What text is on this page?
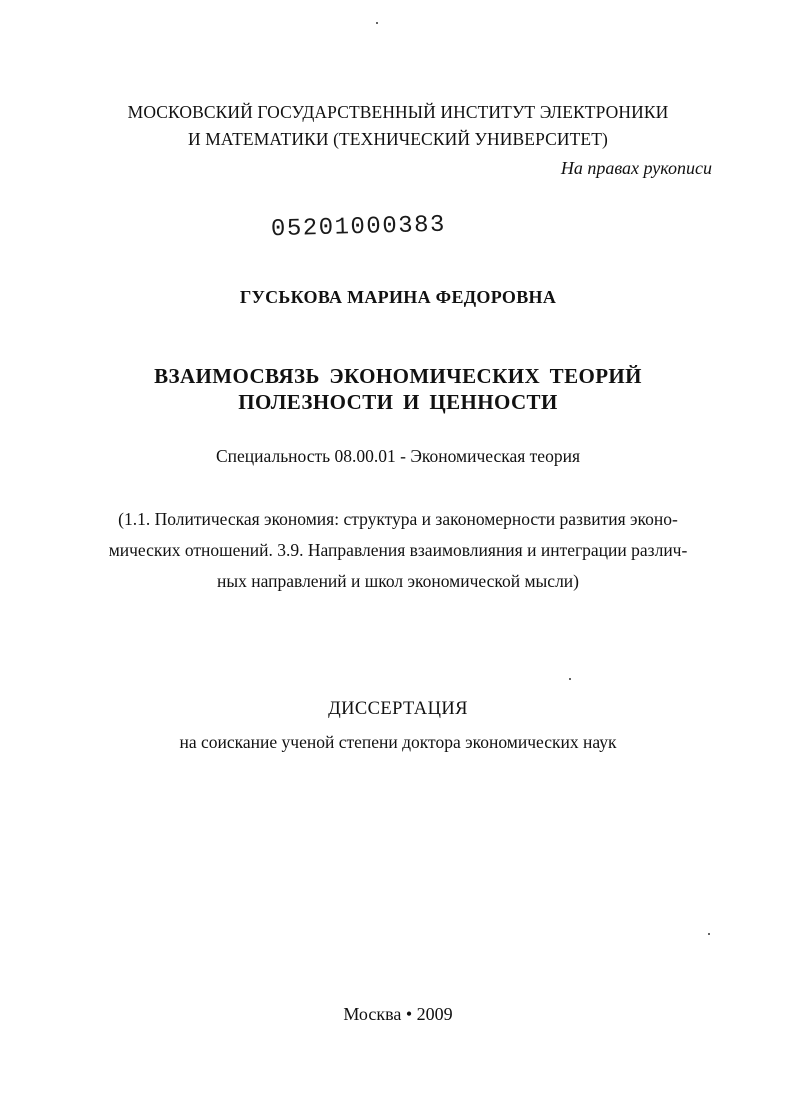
МОСКОВСКИЙ ГОСУДАРСТВЕННЫЙ ИНСТИТУТ ЭЛЕКТРОНИКИ
И МАТЕМАТИКИ (ТЕХНИЧЕСКИЙ УНИВЕРСИТЕТ)
На правах рукописи
05201000383
ГУСЬКОВА МАРИНА ФЕДОРОВНА
ВЗАИМОСВЯЗЬ ЭКОНОМИЧЕСКИХ ТЕОРИЙ
ПОЛЕЗНОСТИ И ЦЕННОСТИ
Специальность 08.00.01 - Экономическая теория
(1.1. Политическая экономия: структура и закономерности развития эконо-
мических отношений. 3.9. Направления взаимовлияния и интеграции различ-
ных направлений и школ экономической мысли)
ДИССЕРТАЦИЯ
на соискание ученой степени доктора экономических наук
Москва • 2009
